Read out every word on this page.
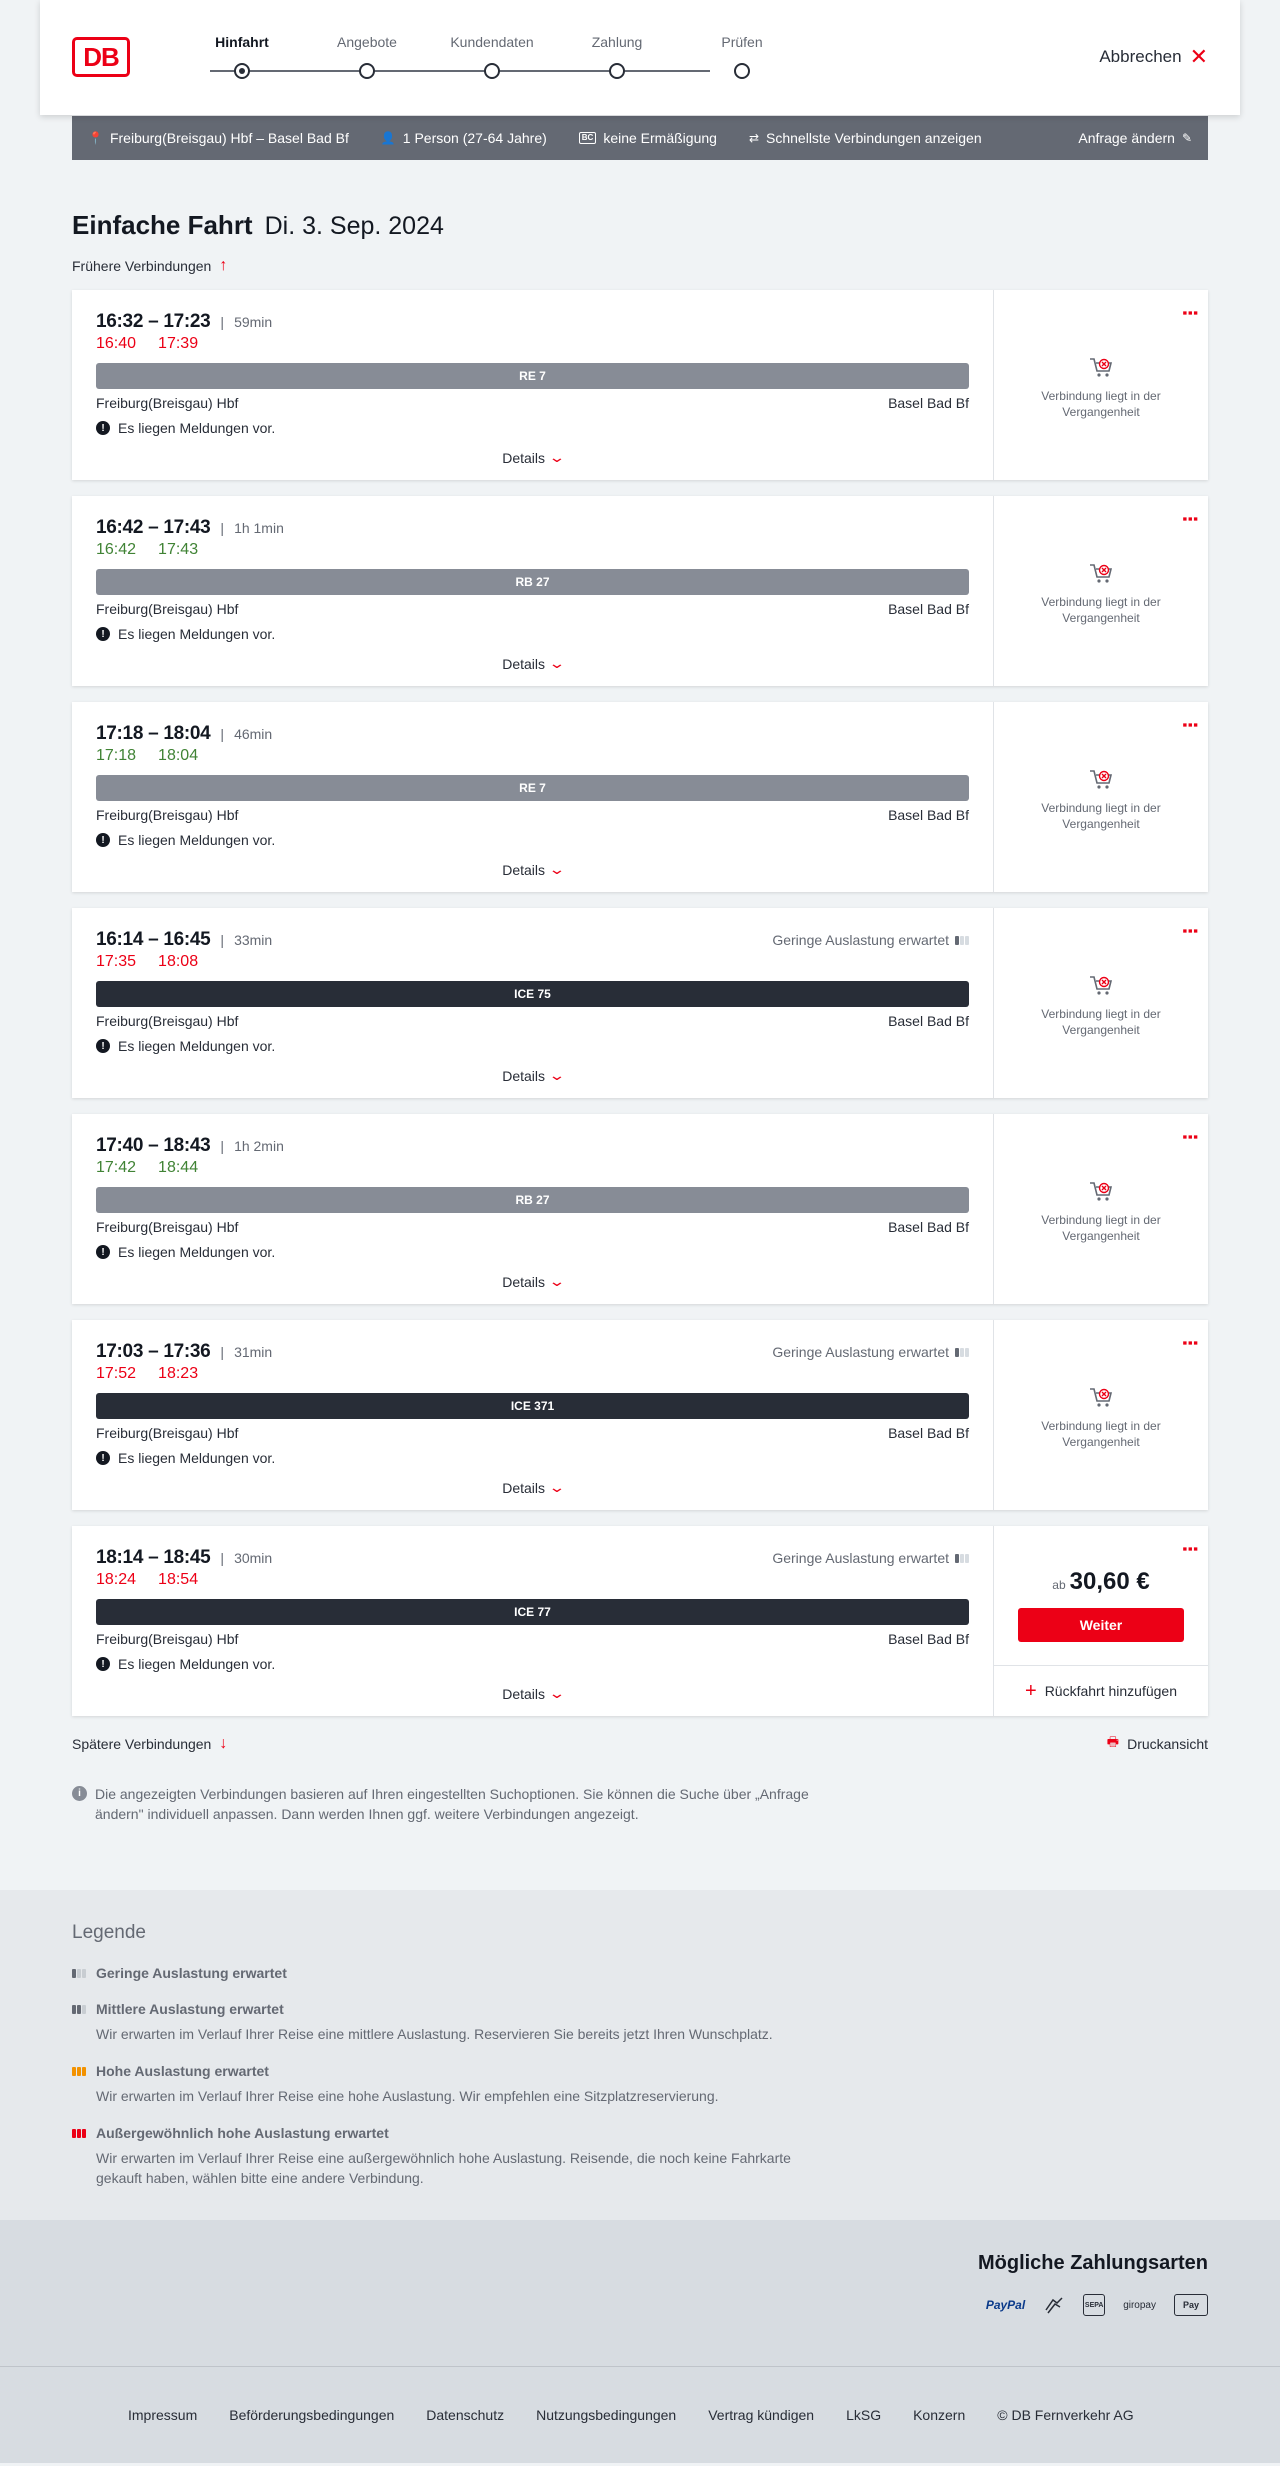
DB	Hinfahrt	Angebote	Kundendaten	Zahlung	Prüfen
Abbrechen ✕
📍 Freiburg(Breisgau) Hbf – Basel Bad Bf	👤 1 Person (27-64 Jahre)	BC keine Ermäßigung	⇄ Schnellste Verbindungen anzeigen	Anfrage ändern ✎
Einfache Fahrt Di. 3. Sep. 2024
Frühere Verbindungen ↑
16:32 – 17:23 | 59min
16:40 17:39
RE 7
Freiburg(Breisgau) Hbf	Basel Bad Bf
! Es liegen Meldungen vor.
Details ⌄
⋮
Verbindung liegt in der Vergangenheit
16:42 – 17:43 | 1h 1min
16:42 17:43
RB 27
Freiburg(Breisgau) Hbf	Basel Bad Bf
! Es liegen Meldungen vor.
Details ⌄
⋮
Verbindung liegt in der Vergangenheit
17:18 – 18:04 | 46min
17:18 18:04
RE 7
Freiburg(Breisgau) Hbf	Basel Bad Bf
! Es liegen Meldungen vor.
Details ⌄
⋮
Verbindung liegt in der Vergangenheit
16:14 – 16:45 | 33min	Geringe Auslastung erwartet
17:35 18:08
ICE 75
Freiburg(Breisgau) Hbf	Basel Bad Bf
! Es liegen Meldungen vor.
Details ⌄
⋮
Verbindung liegt in der Vergangenheit
17:40 – 18:43 | 1h 2min
17:42 18:44
RB 27
Freiburg(Breisgau) Hbf	Basel Bad Bf
! Es liegen Meldungen vor.
Details ⌄
⋮
Verbindung liegt in der Vergangenheit
17:03 – 17:36 | 31min	Geringe Auslastung erwartet
17:52 18:23
ICE 371
Freiburg(Breisgau) Hbf	Basel Bad Bf
! Es liegen Meldungen vor.
Details ⌄
⋮
Verbindung liegt in der Vergangenheit
18:14 – 18:45 | 30min	Geringe Auslastung erwartet
18:24 18:54
ICE 77
Freiburg(Breisgau) Hbf	Basel Bad Bf
! Es liegen Meldungen vor.
Details ⌄
⋮
ab 30,60 €
Weiter
+ Rückfahrt hinzufügen
Spätere Verbindungen ↓	🖶 Druckansicht
i	Die angezeigten Verbindungen basieren auf Ihren eingestellten Suchoptionen. Sie können die Suche über „Anfrage ändern" individuell anpassen. Dann werden Ihnen ggf. weitere Verbindungen angezeigt.
Legende
Geringe Auslastung erwartet
Mittlere Auslastung erwartet
Wir erwarten im Verlauf Ihrer Reise eine mittlere Auslastung. Reservieren Sie bereits jetzt Ihren Wunschplatz.
Hohe Auslastung erwartet
Wir erwarten im Verlauf Ihrer Reise eine hohe Auslastung. Wir empfehlen eine Sitzplatzreservierung.
Außergewöhnlich hohe Auslastung erwartet
Wir erwarten im Verlauf Ihrer Reise eine außergewöhnlich hohe Auslastung. Reisende, die noch keine Fahrkarte gekauft haben, wählen bitte eine andere Verbindung.
Mögliche Zahlungsarten
PayPal	SEPA giropay	Pay
Impressum Beförderungsbedingungen Datenschutz Nutzungsbedingungen Vertrag kündigen LkSG Konzern © DB Fernverkehr AG
